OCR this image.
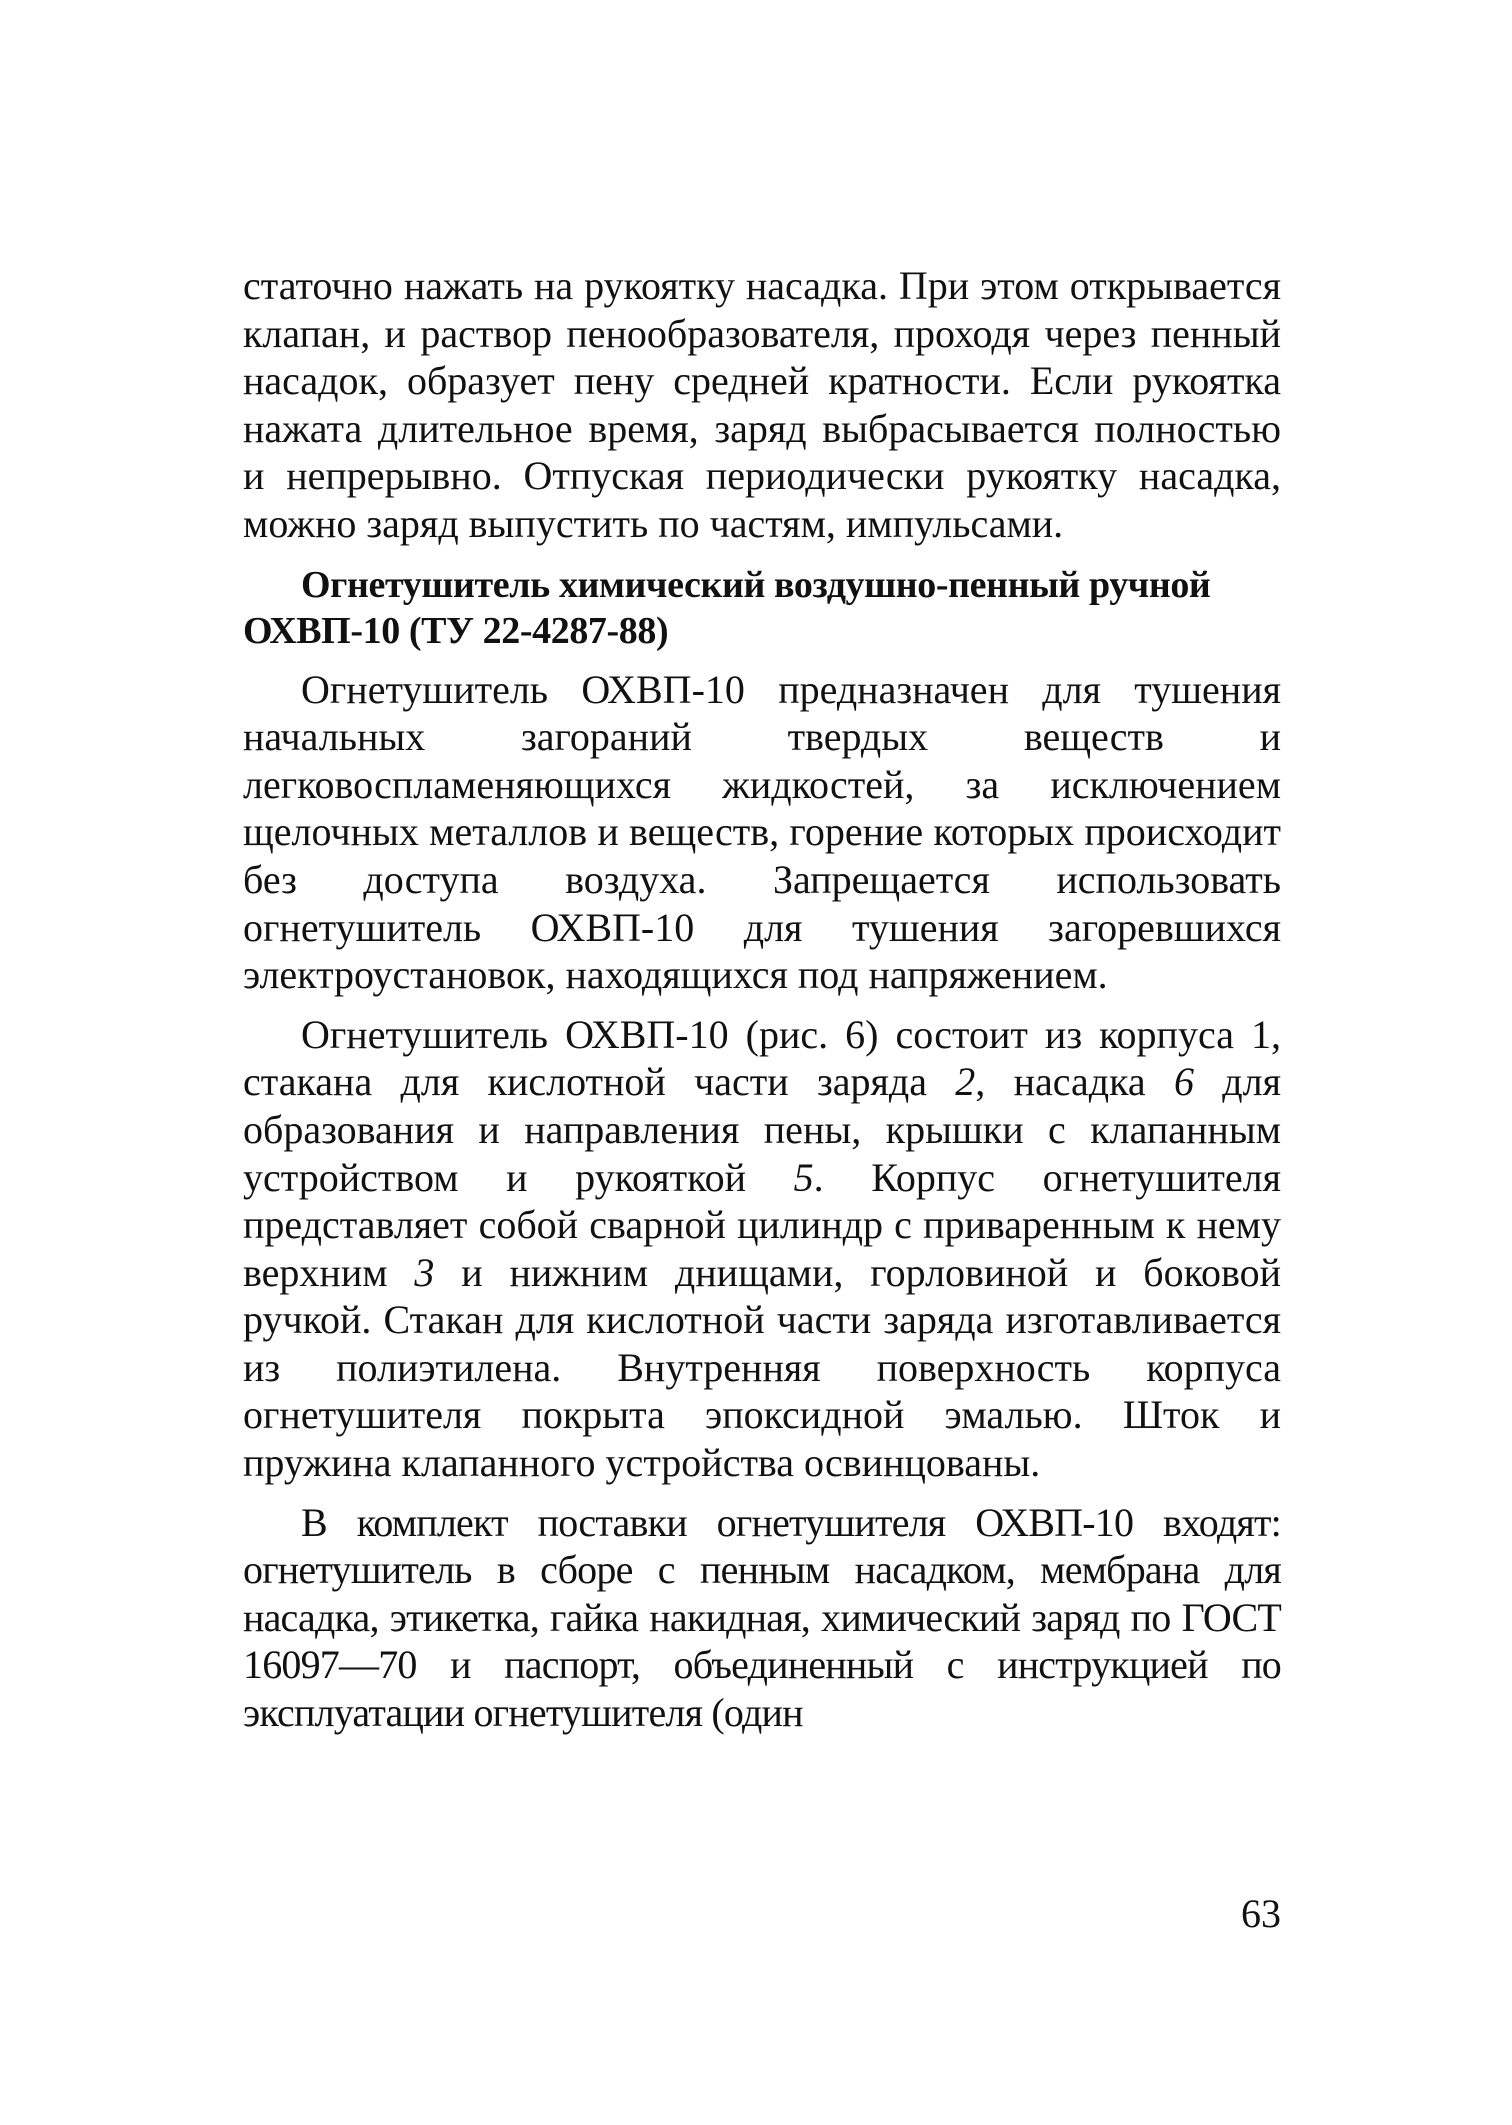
статочно нажать на рукоятку насадка. При этом открывается клапан, и раствор пенообразователя, проходя через пенный насадок, образует пену средней кратности. Если рукоятка нажата длительное время, заряд выбрасывается полностью и непрерывно. Отпуская периодически рукоятку насадка, можно заряд выпустить по частям, импульсами.

Огнетушитель химический воздушно-пенный ручной
ОХВП-10 (ТУ 22-4287-88)

Огнетушитель ОХВП-10 предназначен для тушения начальных загораний твердых веществ и легковоспламеняющихся жидкостей, за исключением щелочных металлов и веществ, горение которых происходит без доступа воздуха. Запрещается использовать огнетушитель ОХВП-10 для тушения загоревшихся электроустановок, находящихся под напряжением.

Огнетушитель ОХВП-10 (рис. 6) состоит из корпуса 1, стакана для кислотной части заряда 2, насадка 6 для образования и направления пены, крышки с клапанным устройством и рукояткой 5. Корпус огнетушителя представляет собой сварной цилиндр с приваренным к нему верхним 3 и нижним днищами, горловиной и боковой ручкой. Стакан для кислотной части заряда изготавливается из полиэтилена. Внутренняя поверхность корпуса огнетушителя покрыта эпоксидной эмалью. Шток и пружина клапанного устройства освинцованы.

В комплект поставки огнетушителя ОХВП-10 входят: огнетушитель в сборе с пенным насадком, мембрана для насадка, этикетка, гайка накидная, химический заряд по ГОСТ 16097—70 и паспорт, объединенный с инструкцией по эксплуатации огнетушителя (один

63
